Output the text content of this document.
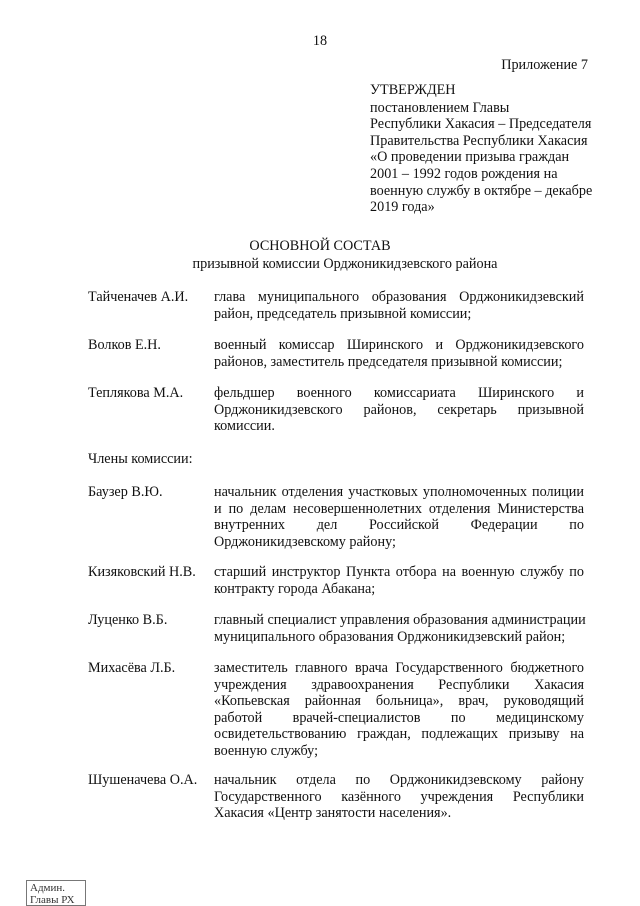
18
Приложение 7
УТВЕРЖДЕН
постановлением Главы
Республики Хакасия – Председателя
Правительства Республики Хакасия
«О проведении призыва граждан
2001 – 1992 годов рождения на
военную службу в октябре – декабре
2019 года»
ОСНОВНОЙ СОСТАВ
призывной комиссии Орджоникидзевского района
Тайченачев А.И. глава муниципального образования Орджоникидзевский
район, председатель призывной комиссии;
Волков Е.Н.	военный комиссар Ширинского и Орджоникидзевского
районов, заместитель председателя призывной комиссии;
Теплякова М.А. фельдшер военного комиссариата Ширинского и
Орджоникидзевского районов, секретарь призывной
комиссии.
Члены комиссии:
Баузер В.Ю.	начальник отделения участковых уполномоченных полиции
и по делам несовершеннолетних отделения Министерства
внутренних дел Российской Федерации по
Орджоникидзевскому району;
Кизяковский Н.В. старший инструктор Пункта отбора на военную службу по
контракту города Абакана;
Луценко В.Б.	главный специалист управления образования администрации
муниципального образования Орджоникидзевский район;
Михасёва Л.Б.	заместитель главного врача Государственного бюджетного
учреждения здравоохранения Республики Хакасия
«Копьевская районная больница», врач, руководящий
работой врачей-специалистов по медицинскому
освидетельствованию граждан, подлежащих призыву на
военную службу;
Шушеначева О.А. начальник отдела по Орджоникидзевскому району
Государственного казённого учреждения Республики
Хакасия «Центр занятости населения».
Админ.
Главы РХ
